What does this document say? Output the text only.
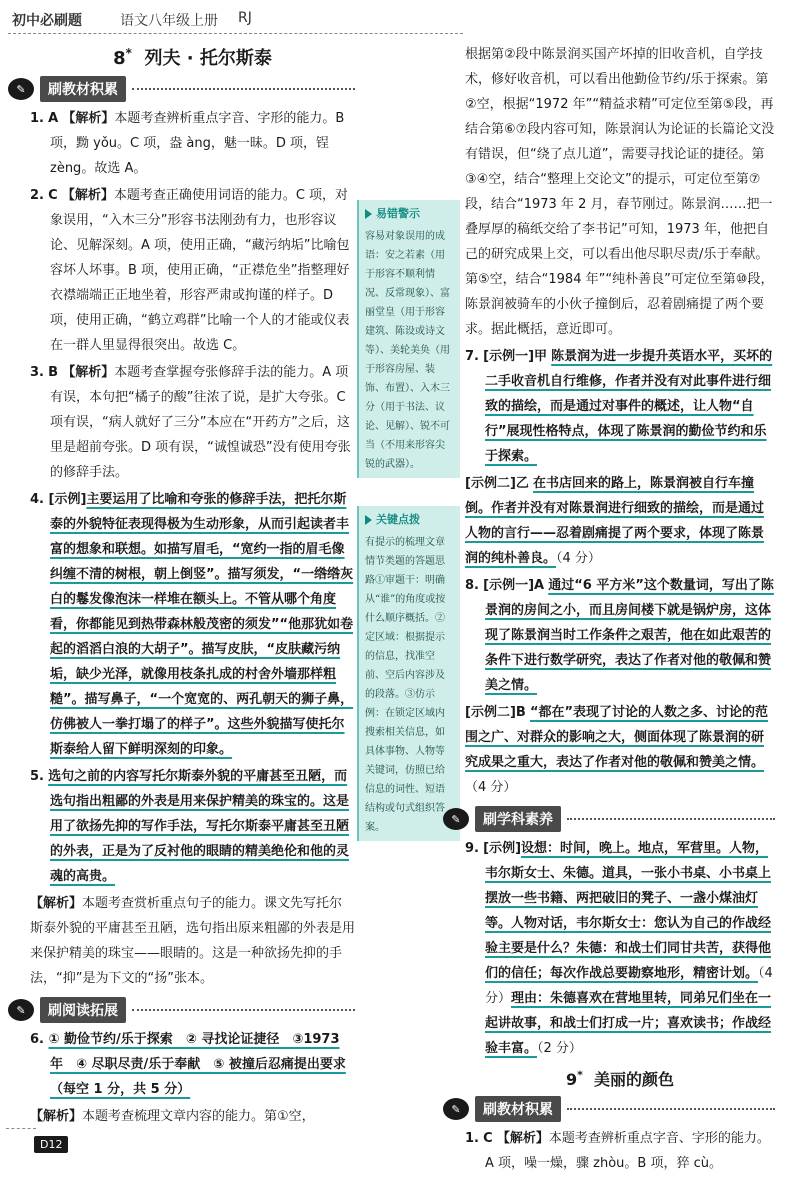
初中必刷题	语文八年级上册 RJ
8* 列夫 · 托尔斯泰
✎	刷教材积累
1. A 【解析】本题考查辨析重点字音、字形的能力。B 项，黝 yǒu。C 项，盎 àng，魅一昧。D 项，锃 zèng。故选 A。
2. C 【解析】本题考查正确使用词语的能力。C 项，对象误用，“入木三分”形容书法刚劲有力，也形容议论、见解深刻。A 项，使用正确，“藏污纳垢”比喻包容坏人坏事。B 项，使用正确，“正襟危坐”指整理好衣襟端端正正地坐着，形容严肃或拘谨的样子。D 项，使用正确，“鹤立鸡群”比喻一个人的才能或仪表在一群人里显得很突出。故选 C。
3. B 【解析】本题考查掌握夸张修辞手法的能力。A 项有误，本句把“橘子的酸”往浓了说，是扩大夸张。C 项有误，“病人就好了三分”本应在“开药方”之后，这里是超前夸张。D 项有误，“诚惶诚恐”没有使用夸张的修辞手法。
4. [示例]主要运用了比喻和夸张的修辞手法，把托尔斯泰的外貌特征表现得极为生动形象，从而引起读者丰富的想象和联想。如描写眉毛，“宽约一指的眉毛像纠缠不清的树根，朝上倒竖”。描写须发，“一绺绺灰白的鬈发像泡沫一样堆在额头上。不管从哪个角度看，你都能见到热带森林般茂密的须发”“他那犹如卷起的滔滔白浪的大胡子”。描写皮肤，“皮肤藏污纳垢，缺少光泽，就像用枝条扎成的村舍外墙那样粗糙”。描写鼻子，“一个宽宽的、两孔朝天的狮子鼻，仿佛被人一拳打塌了的样子”。这些外貌描写使托尔斯泰给人留下鲜明深刻的印象。
5. 选句之前的内容写托尔斯泰外貌的平庸甚至丑陋，而选句指出粗鄙的外表是用来保护精美的珠宝的。这是用了欲扬先抑的写作手法，写托尔斯泰平庸甚至丑陋的外表，正是为了反衬他的眼睛的精美绝伦和他的灵魂的高贵。
【解析】本题考查赏析重点句子的能力。课文先写托尔斯泰外貌的平庸甚至丑陋，选句指出原来粗鄙的外表是用来保护精美的珠宝——眼睛的。这是一种欲扬先抑的手法，“抑”是为下文的“扬”张本。
✎	刷阅读拓展
6. ① 勤俭节约/乐于探索　② 寻找论证捷径　③1973 年　④ 尽职尽责/乐于奉献　⑤ 被撞后忍痛提出要求（每空 1 分，共 5 分）
【解析】本题考查梳理文章内容的能力。第①空，
易错警示
容易对象误用的成语：安之若素（用于形容不顺利情况、反常现象）、富丽堂皇（用于形容建筑、陈设或诗文等）、美轮美奂（用于形容房屋、装饰、布置）、入木三分（用于书法、议论、见解）、锐不可当（不用来形容尖锐的武器）。
关键点拨
有提示的梳理文章情节类题的答题思路①审题干：明确从“谁”的角度或按什么顺序概括。②定区域：根据提示的信息，找准空前、空后内容涉及的段落。③仿示例：在锁定区域内搜索相关信息，如具体事物、人物等关键词，仿照已给信息的词性、短语结构或句式组织答案。
根据第②段中陈景润买国产坏掉的旧收音机，自学技术，修好收音机，可以看出他勤俭节约/乐于探索。第②空，根据“1972 年”“精益求精”可定位至第⑤段，再结合第⑥⑦段内容可知，陈景润认为论证的长篇论文没有错误，但“绕了点儿道”，需要寻找论证的捷径。第③④空，结合“整理上交论文”的提示，可定位至第⑦段，结合“1973 年 2 月，春节刚过。陈景润……把一叠厚厚的稿纸交给了李书记”可知，1973 年，他把自己的研究成果上交，可以看出他尽职尽责/乐于奉献。第⑤空，结合“1984 年”“纯朴善良”可定位至第⑩段，陈景润被骑车的小伙子撞倒后，忍着剧痛提了两个要求。据此概括，意近即可。
7. [示例一]甲 陈景润为进一步提升英语水平，买坏的二手收音机自行维修，作者并没有对此事件进行细致的描绘，而是通过对事件的概述，让人物“自行”展现性格特点，体现了陈景润的勤俭节约和乐于探索。
[示例二]乙 在书店回来的路上，陈景润被自行车撞倒。作者并没有对陈景润进行细致的描绘，而是通过人物的言行——忍着剧痛提了两个要求，体现了陈景润的纯朴善良。（4 分）
8. [示例一]A 通过“6 平方米”这个数量词，写出了陈景润的房间之小，而且房间楼下就是锅炉房，这体现了陈景润当时工作条件之艰苦，他在如此艰苦的条件下进行数学研究，表达了作者对他的敬佩和赞美之情。
[示例二]B “都在”表现了讨论的人数之多、讨论的范围之广、对群众的影响之大，侧面体现了陈景润的研究成果之重大，表达了作者对他的敬佩和赞美之情。（4 分）
✎	刷学科素养
9. [示例]设想：时间，晚上。地点，军营里。人物，韦尔斯女士、朱德。道具，一张小书桌、小书桌上摆放一些书籍、两把破旧的凳子、一盏小煤油灯等。人物对话，韦尔斯女士：您认为自己的作战经验主要是什么？朱德：和战士们同甘共苦，获得他们的信任；每次作战总要勘察地形，精密计划。（4 分）理由：朱德喜欢在营地里转，同弟兄们坐在一起讲故事，和战士们打成一片；喜欢读书；作战经验丰富。（2 分）
9* 美丽的颜色
✎	刷教材积累
1. C 【解析】本题考查辨析重点字音、字形的能力。A 项，噪一燥，骤 zhòu。B 项，猝 cù。
D12
